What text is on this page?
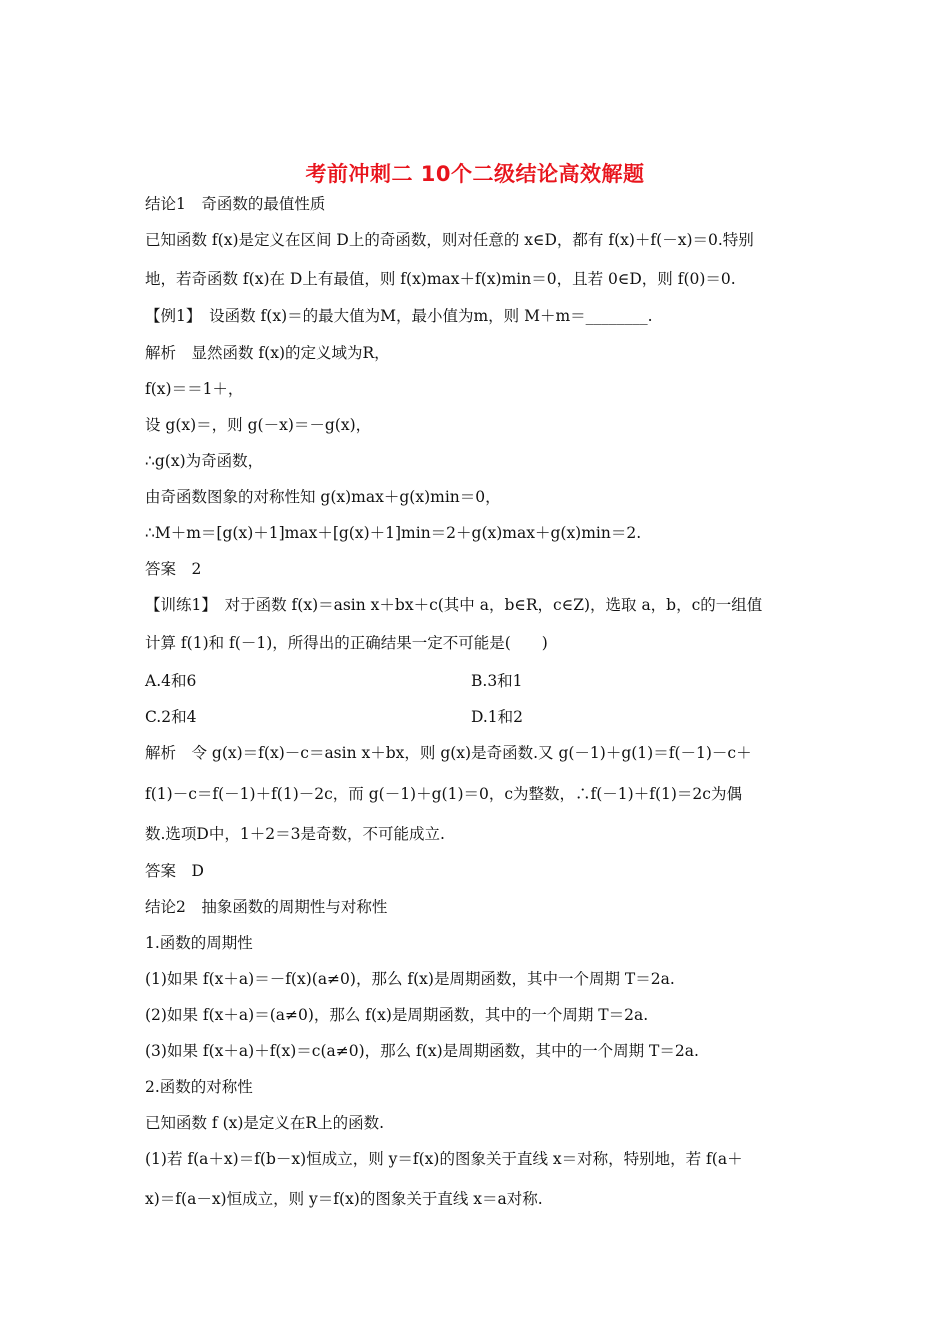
考前冲刺二 10个二级结论高效解题
结论1　奇函数的最值性质
已知函数 f(x)是定义在区间 D上的奇函数，则对任意的 x∈D，都有 f(x)＋f(－x)＝0.特别
地，若奇函数 f(x)在 D上有最值，则 f(x)max＋f(x)min＝0，且若 0∈D，则 f(0)＝0.
【例1】　设函数 f(x)＝的最大值为M，最小值为m，则 M＋m＝________.
解析　显然函数 f(x)的定义域为R，
f(x)＝＝1＋，
设 g(x)＝，则 g(－x)＝－g(x)，
∴g(x)为奇函数，
由奇函数图象的对称性知 g(x)max＋g(x)min＝0，
∴M＋m＝[g(x)＋1]max＋[g(x)＋1]min＝2＋g(x)max＋g(x)min＝2.
答案　2
【训练1】　对于函数 f(x)＝asin x＋bx＋c(其中 a，b∈R，c∈Z)，选取 a，b，c的一组值
计算 f(1)和 f(－1)，所得出的正确结果一定不可能是(　　)
A.4和6	B.3和1
C.2和4	D.1和2
解析　令 g(x)＝f(x)－c＝asin x＋bx，则 g(x)是奇函数.又 g(－1)＋g(1)＝f(－1)－c＋
f(1)－c＝f(－1)＋f(1)－2c，而 g(－1)＋g(1)＝0，c为整数，∴f(－1)＋f(1)＝2c为偶
数.选项D中，1＋2＝3是奇数，不可能成立.
答案　D
结论2　抽象函数的周期性与对称性
1.函数的周期性
(1)如果 f(x＋a)＝－f(x)(a≠0)，那么 f(x)是周期函数，其中一个周期 T＝2a.
(2)如果 f(x＋a)＝(a≠0)，那么 f(x)是周期函数，其中的一个周期 T＝2a.
(3)如果 f(x＋a)＋f(x)＝c(a≠0)，那么 f(x)是周期函数，其中的一个周期 T＝2a.
2.函数的对称性
已知函数 f (x)是定义在R上的函数.
(1)若 f(a＋x)＝f(b－x)恒成立，则 y＝f(x)的图象关于直线 x＝对称，特别地，若 f(a＋
x)＝f(a－x)恒成立，则 y＝f(x)的图象关于直线 x＝a对称.
